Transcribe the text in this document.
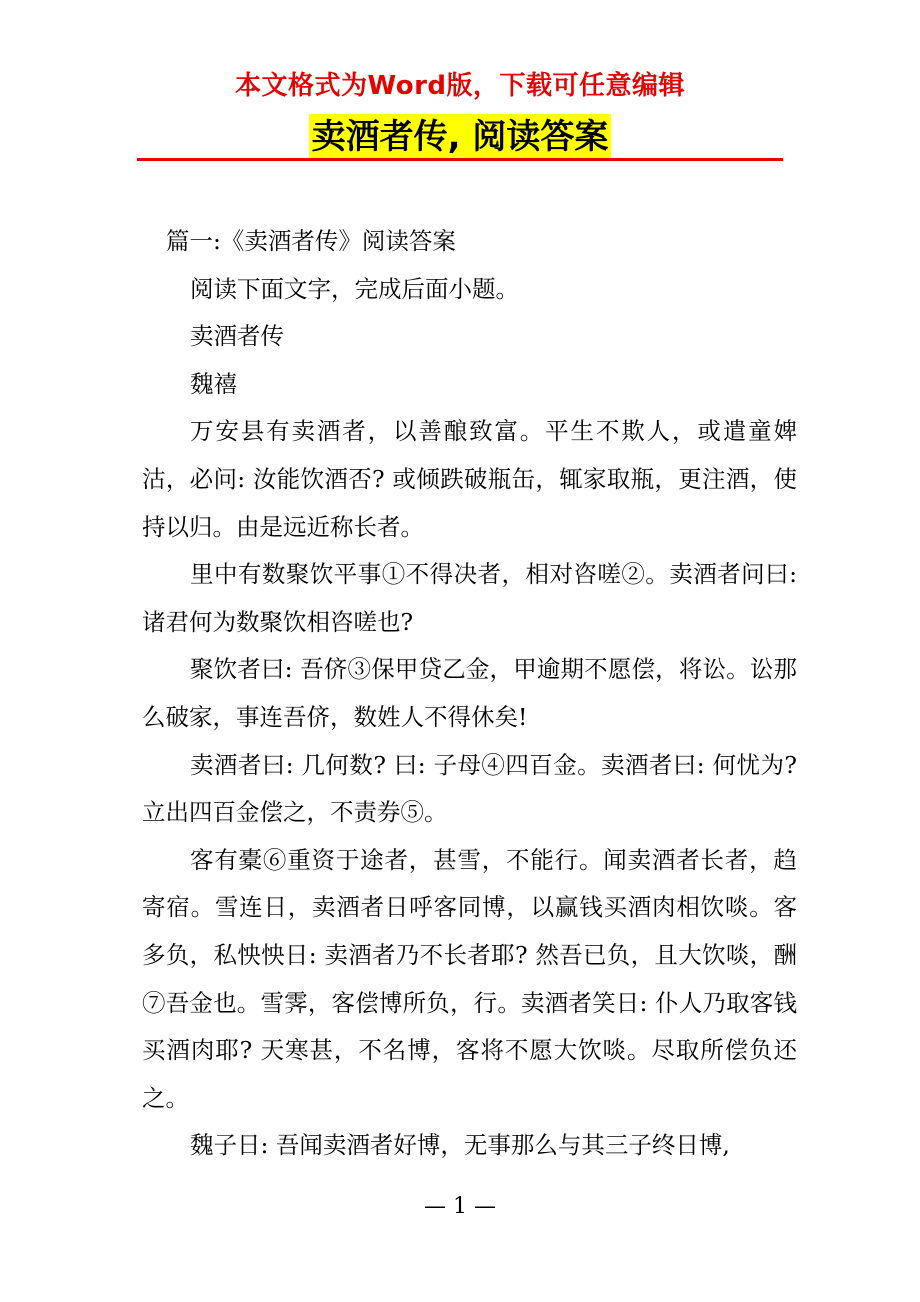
本文格式为Word版，下载可任意编辑
卖酒者传, 阅读答案

篇一:《卖酒者传》阅读答案

阅读下面文字，完成后面小题。

卖酒者传

魏禧

万安县有卖酒者，以善酿致富。平生不欺人，或遣童婢沽，必问: 汝能饮酒否? 或倾跌破瓶缶，辄家取瓶，更注酒，使持以归。由是远近称长者。

里中有数聚饮平事①不得决者，相对咨嗟②。卖酒者问曰: 诸君何为数聚饮相咨嗟也?

聚饮者曰: 吾侪③保甲贷乙金，甲逾期不愿偿，将讼。讼那么破家，事连吾侪，数姓人不得休矣!

卖酒者曰: 几何数? 曰: 子母④四百金。卖酒者曰: 何忧为? 立出四百金偿之，不责券⑤。

客有橐⑥重资于途者，甚雪，不能行。闻卖酒者长者，趋寄宿。雪连日，卖酒者日呼客同博，以赢钱买酒肉相饮啖。客多负，私怏怏日: 卖酒者乃不长者耶? 然吾已负，且大饮啖，酬⑦吾金也。雪霁，客偿博所负，行。卖酒者笑日: 仆人乃取客钱买酒肉耶? 天寒甚，不名博，客将不愿大饮啖。尽取所偿负还之。

魏子日: 吾闻卖酒者好博，无事那么与其三子终日博,

— 1 —
